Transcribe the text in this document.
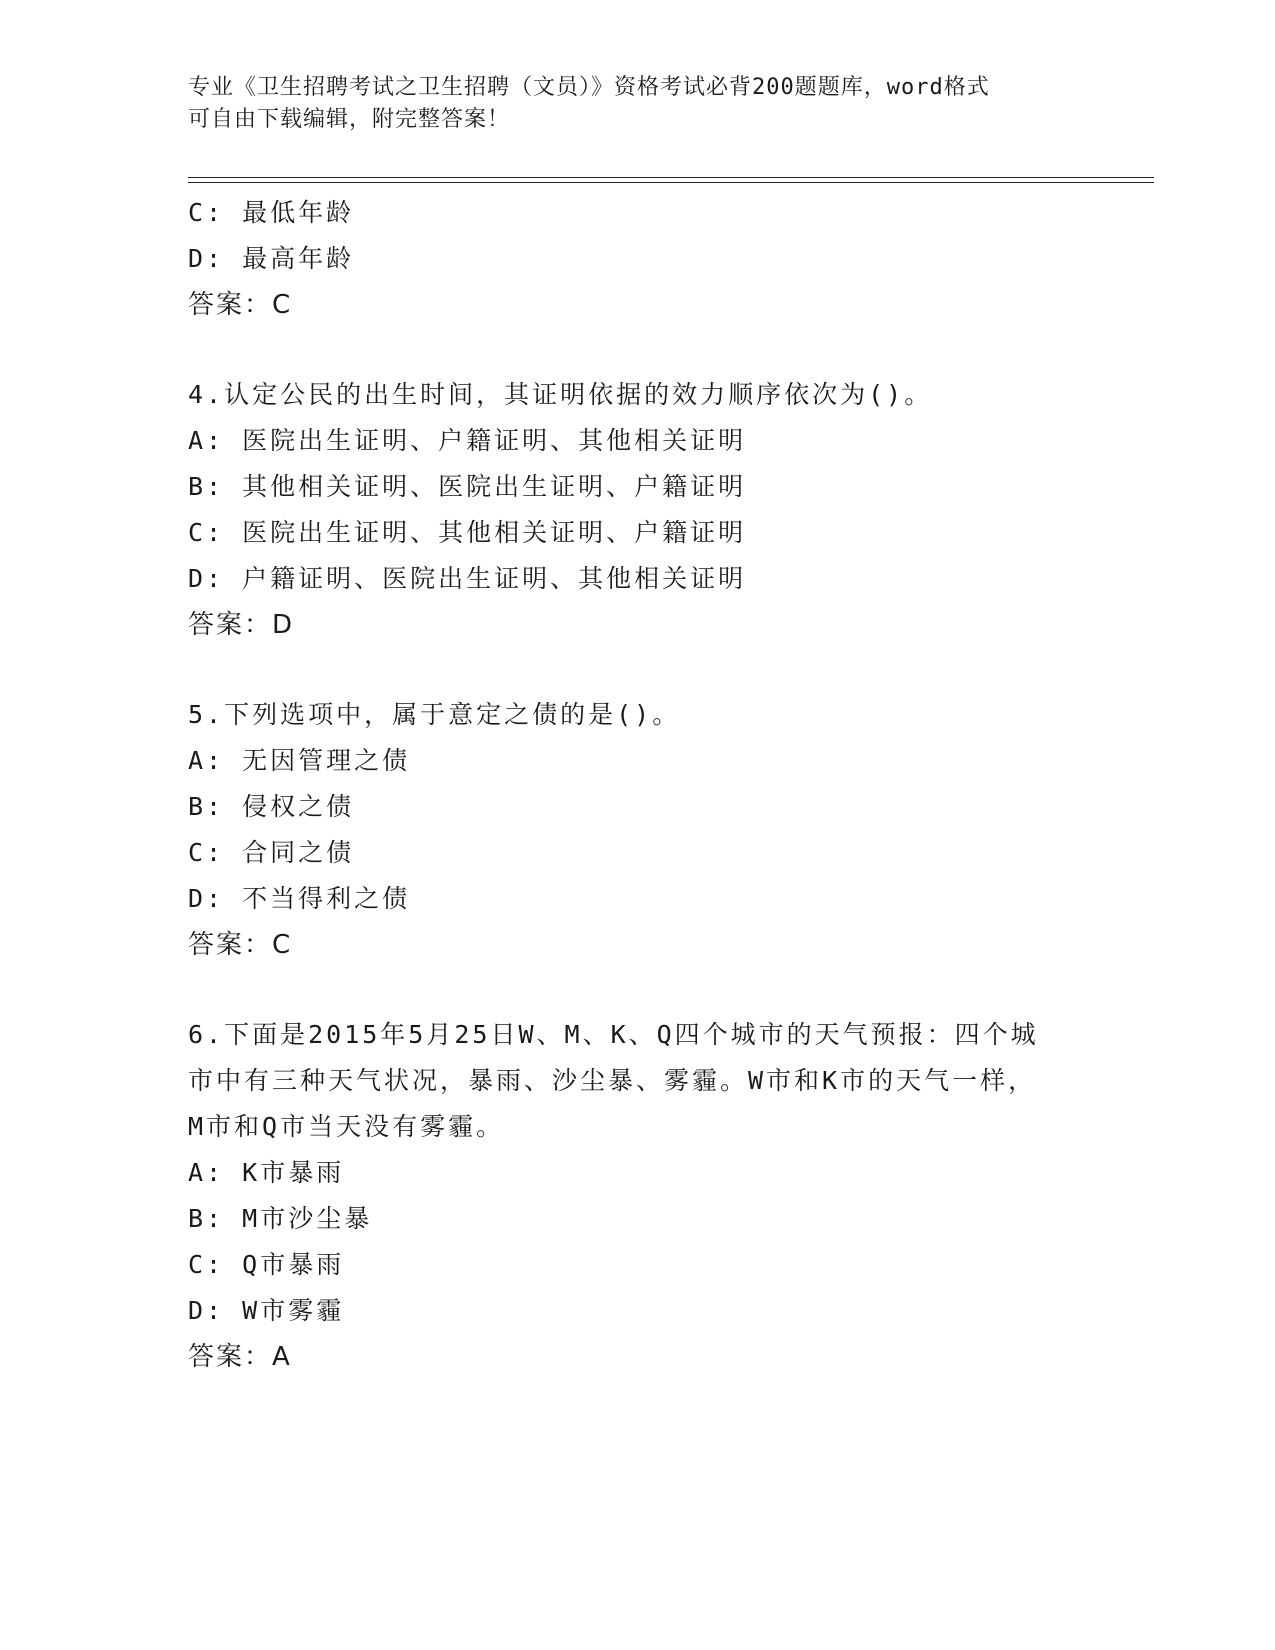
专业《卫生招聘考试之卫生招聘（文员）》资格考试必背200题题库，word格式
可自由下载编辑，附完整答案！
C: 最低年龄
D: 最高年龄
答案：C
4.认定公民的出生时间，其证明依据的效力顺序依次为()。
A: 医院出生证明、户籍证明、其他相关证明
B: 其他相关证明、医院出生证明、户籍证明
C: 医院出生证明、其他相关证明、户籍证明
D: 户籍证明、医院出生证明、其他相关证明
答案：D
5.下列选项中，属于意定之债的是()。
A: 无因管理之债
B: 侵权之债
C: 合同之债
D: 不当得利之债
答案：C
6.下面是2015年5月25日W、M、K、Q四个城市的天气预报：四个城
市中有三种天气状况，暴雨、沙尘暴、雾霾。W市和K市的天气一样，
M市和Q市当天没有雾霾。
A: K市暴雨
B: M市沙尘暴
C: Q市暴雨
D: W市雾霾
答案：A
